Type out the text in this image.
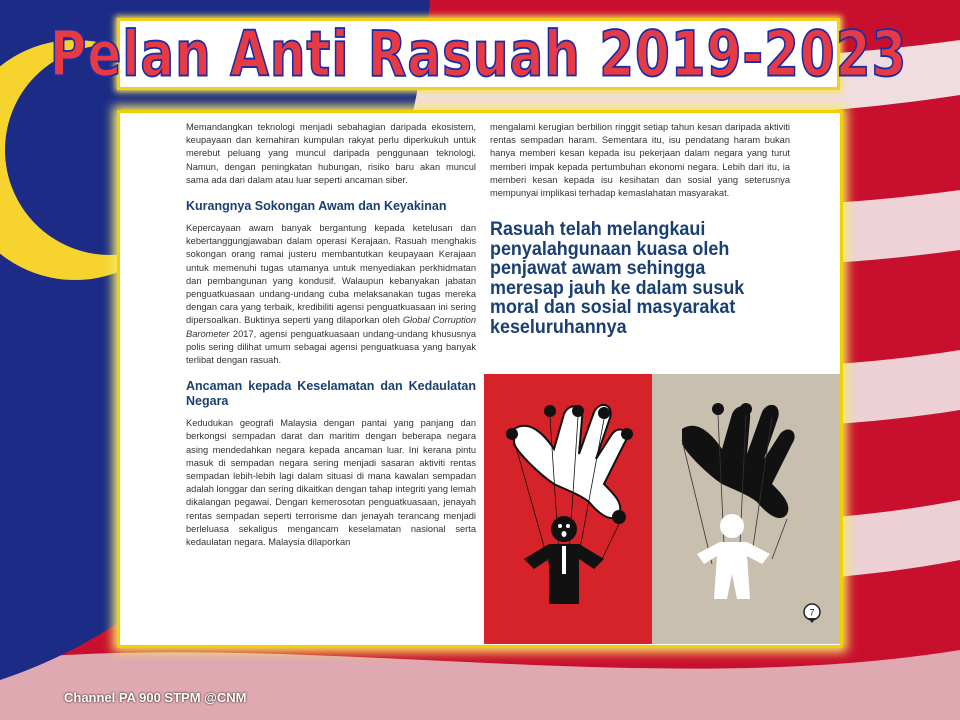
Pelan Anti Rasuah 2019-2023

Memandangkan teknologi menjadi sebahagian daripada ekosistem, keupayaan dan kemahiran kumpulan rakyat perlu diperkukuh untuk merebut peluang yang muncul daripada penggunaan teknologi. Namun, dengan peningkatan hubungan, risiko baru akan muncul sama ada dari dalam atau luar seperti ancaman siber.

Kurangnya Sokongan Awam dan Keyakinan

Kepercayaan awam banyak bergantung kepada ketelusan dan kebertanggungjawaban dalam operasi Kerajaan. Rasuah menghakis sokongan orang ramai justeru membantutkan keupayaan Kerajaan untuk memenuhi tugas utamanya untuk menyediakan perkhidmatan dan pembangunan yang kondusif. Walaupun kebanyakan jabatan penguatkuasaan undang-undang cuba melaksanakan tugas mereka dengan cara yang terbaik, kredibiliti agensi penguatkuasaan ini sering dipersoalkan. Buktinya seperti yang dilaporkan oleh Global Corruption Barometer 2017, agensi penguatkuasaan undang-undang khususnya polis sering dilihat umum sebagai agensi penguatkuasa yang banyak terlibat dengan rasuah.

Ancaman kepada Keselamatan dan Kedaulatan Negara

Kedudukan geografi Malaysia dengan pantai yang panjang dan berkongsi sempadan darat dan maritim dengan beberapa negara asing mendedahkan negara kepada ancaman luar. Ini kerana pintu masuk di sempadan negara sering menjadi sasaran aktiviti rentas sempadan lebih-lebih lagi dalam situasi di mana kawalan sempadan adalah longgar dan sering dikaitkan dengan tahap integriti yang lemah dikalangan pegawai. Dengan kemerosotan penguatkuasaan, jenayah rentas sempadan seperti terrorisme dan jenayah terancang menjadi berleluasa sekaligus mengancam keselamatan nasional serta kedaulatan negara. Malaysia dilaporkan

mengalami kerugian berbilion ringgit setiap tahun kesan daripada aktiviti rentas sempadan haram. Sementara itu, isu pendatang haram bukan hanya memberi kesan kepada isu pekerjaan dalam negara yang turut memberi impak kepada pertumbuhan ekonomi negara. Lebih dari itu, ia memberi kesan kepada isu kesihatan dan sosial yang seterusnya mempunyai implikasi terhadap kemaslahatan masyarakat.

Rasuah telah melangkaui penyalahgunaan kuasa oleh penjawat awam sehingga meresap jauh ke dalam susuk moral dan sosial masyarakat keseluruhannya
7
Channel PA 900 STPM @CNM
